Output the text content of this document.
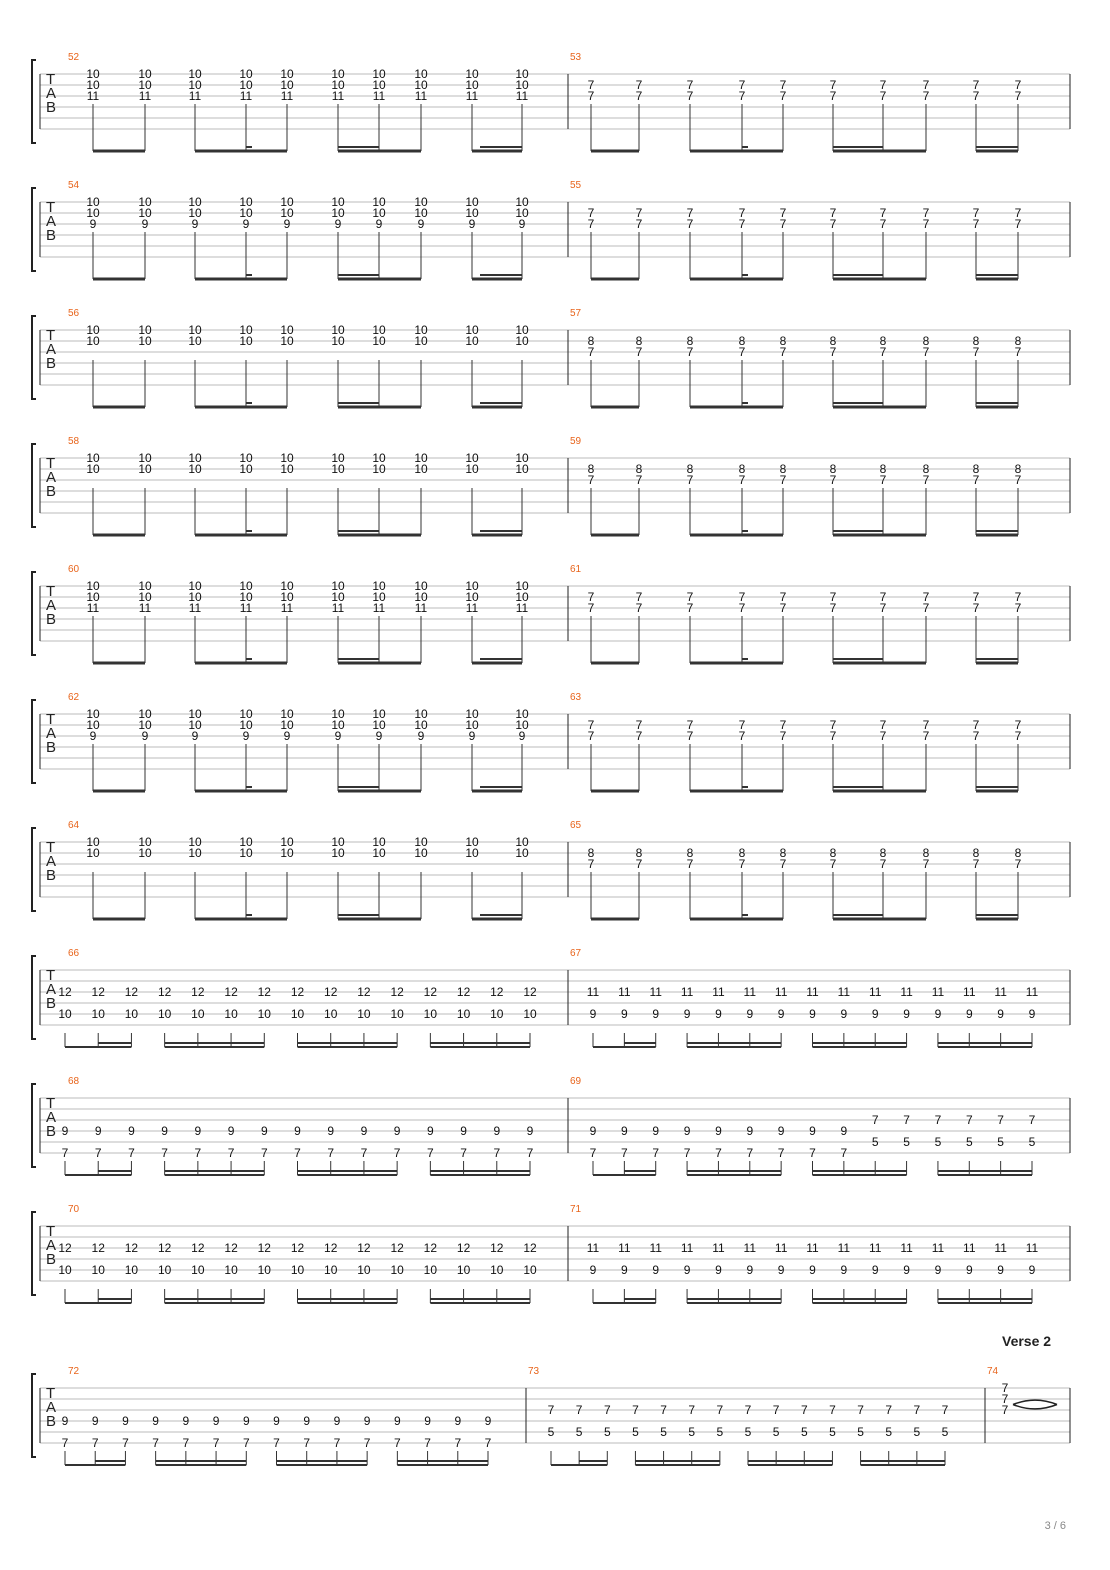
T
A
B
52
10
10
11
10
10
11
10
10
11
10
10
11
10
10
11
10
10
11
10
10
11
10
10
11
10
10
11
10
10
11
53
7
7
7
7
7
7
7
7
7
7
7
7
7
7
7
7
7
7
7
7
T
A
B
54
10
10
9
10
10
9
10
10
9
10
10
9
10
10
9
10
10
9
10
10
9
10
10
9
10
10
9
10
10
9
55
7
7
7
7
7
7
7
7
7
7
7
7
7
7
7
7
7
7
7
7
T
A
B
56
10
10
10
10
10
10
10
10
10
10
10
10
10
10
10
10
10
10
10
10
57
8
7
8
7
8
7
8
7
8
7
8
7
8
7
8
7
8
7
8
7
T
A
B
58
10
10
10
10
10
10
10
10
10
10
10
10
10
10
10
10
10
10
10
10
59
8
7
8
7
8
7
8
7
8
7
8
7
8
7
8
7
8
7
8
7
T
A
B
60
10
10
11
10
10
11
10
10
11
10
10
11
10
10
11
10
10
11
10
10
11
10
10
11
10
10
11
10
10
11
61
7
7
7
7
7
7
7
7
7
7
7
7
7
7
7
7
7
7
7
7
T
A
B
62
10
10
9
10
10
9
10
10
9
10
10
9
10
10
9
10
10
9
10
10
9
10
10
9
10
10
9
10
10
9
63
7
7
7
7
7
7
7
7
7
7
7
7
7
7
7
7
7
7
7
7
T
A
B
64
10
10
10
10
10
10
10
10
10
10
10
10
10
10
10
10
10
10
10
10
65
8
7
8
7
8
7
8
7
8
7
8
7
8
7
8
7
8
7
8
7
T
A
B
66
12
10
12
10
12
10
12
10
12
10
12
10
12
10
12
10
12
10
12
10
12
10
12
10
12
10
12
10
12
10
67
11
9
11
9
11
9
11
9
11
9
11
9
11
9
11
9
11
9
11
9
11
9
11
9
11
9
11
9
11
9
T
A
B
68
9
7
9
7
9
7
9
7
9
7
9
7
9
7
9
7
9
7
9
7
9
7
9
7
9
7
9
7
9
7
69
9
7
9
7
9
7
9
7
9
7
9
7
9
7
9
7
9
7
7
5
7
5
7
5
7
5
7
5
7
5
T
A
B
70
12
10
12
10
12
10
12
10
12
10
12
10
12
10
12
10
12
10
12
10
12
10
12
10
12
10
12
10
12
10
71
11
9
11
9
11
9
11
9
11
9
11
9
11
9
11
9
11
9
11
9
11
9
11
9
11
9
11
9
11
9
T
A
B
72
9
7
9
7
9
7
9
7
9
7
9
7
9
7
9
7
9
7
9
7
9
7
9
7
9
7
9
7
9
7
73
7
5
7
5
7
5
7
5
7
5
7
5
7
5
7
5
7
5
7
5
7
5
7
5
7
5
7
5
7
5
74
7
7
7
Verse 2
3 / 6
